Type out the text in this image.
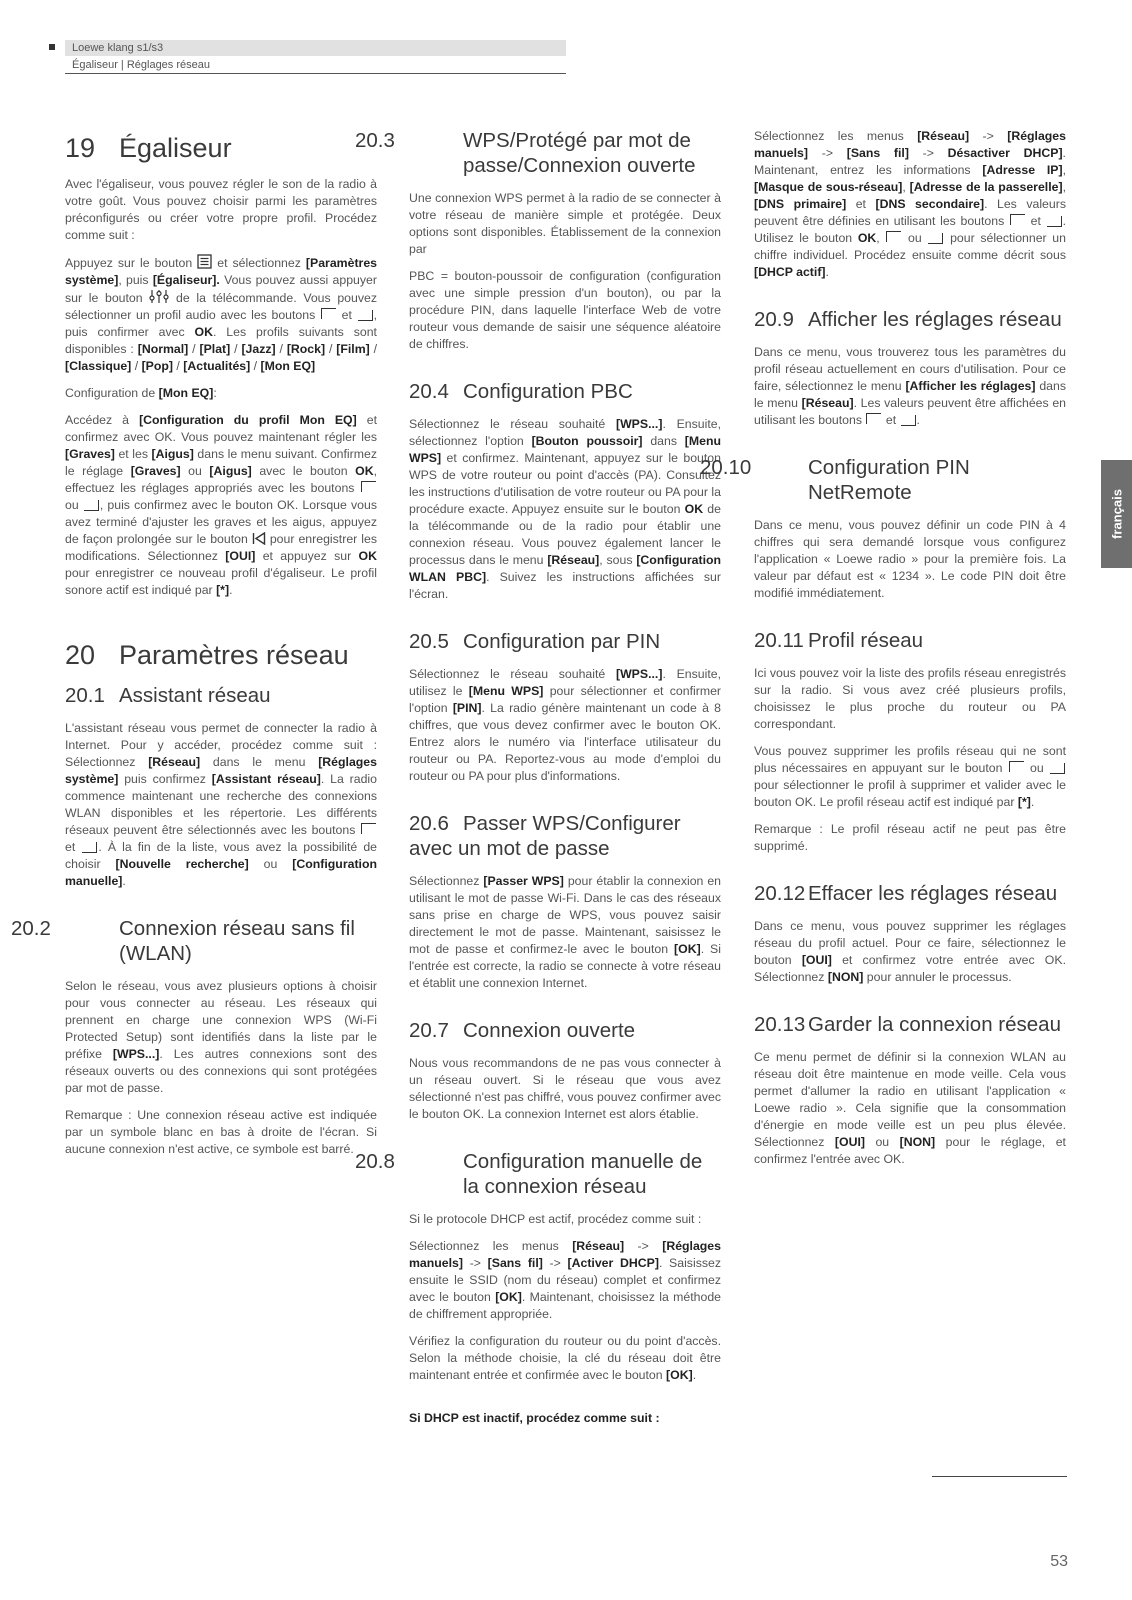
Loewe klang s1/s3
Égaliseur | Réglages réseau
19 Égaliseur

Avec l'égaliseur, vous pouvez régler le son de la radio à votre goût. Vous pouvez choisir parmi les paramètres préconfigurés ou créer votre propre profil. Procédez comme suit :

Appuyez sur le bouton et sélectionnez [Paramètres système], puis [Égaliseur]. Vous pouvez aussi appuyer sur le bouton	de la télécommande. Vous pouvez sélectionner un profil audio avec les boutons et , puis confirmer avec OK. Les profils suivants sont disponibles : [Normal] / [Plat] / [Jazz] / [Rock] / [Film] / [Classique] / [Pop] / [Actualités] / [Mon EQ]

Configuration de [Mon EQ]:

Accédez à [Configuration du profil Mon EQ] et confirmez avec OK. Vous pouvez maintenant régler les [Graves] et les [Aigus] dans le menu suivant. Confirmez le réglage [Graves] ou [Aigus] avec le bouton OK, effectuez les réglages appropriés avec les boutons  ou , puis confirmez avec le bouton OK. Lorsque vous avez terminé d'ajuster les graves et les aigus, appuyez de façon prolongée sur le bouton pour enregistrer les modifications. Sélectionnez [OUI] et appuyez sur OK pour enregistrer ce nouveau profil d'égaliseur. Le profil sonore actif est indiqué par [*].

20 Paramètres réseau
20.1 Assistant réseau

L'assistant réseau vous permet de connecter la radio à Internet. Pour y accéder, procédez comme suit : Sélectionnez [Réseau] dans le menu [Réglages système] puis confirmez [Assistant réseau]. La radio commence maintenant une recherche des connexions WLAN disponibles et les répertorie. Les différents réseaux peuvent être sélectionnés avec les boutons  et . À la fin de la liste, vous avez la possibilité de choisir [Nouvelle recherche] ou [Configuration manuelle].

20.2	Connexion réseau sans fil (WLAN)

Selon le réseau, vous avez plusieurs options à choisir pour vous connecter au réseau. Les réseaux qui prennent en charge une connexion WPS (Wi-Fi Protected Setup) sont identifiés dans la liste par le préfixe [WPS...]. Les autres connexions sont des réseaux ouverts ou des connexions qui sont protégées par mot de passe.

Remarque : Une connexion réseau active est indiquée par un symbole blanc en bas à droite de l'écran. Si aucune connexion n'est active, ce symbole est barré.

20.3	WPS/Protégé par mot de passe/Connexion ouverte

Une connexion WPS permet à la radio de se connecter à votre réseau de manière simple et protégée. Deux options sont disponibles. Établissement de la connexion par

PBC = bouton-poussoir de configuration (configuration avec une simple pression d'un bouton), ou par la procédure PIN, dans laquelle l'interface Web de votre routeur vous demande de saisir une séquence aléatoire de chiffres.

20.4 Configuration PBC

Sélectionnez le réseau souhaité [WPS...]. Ensuite, sélectionnez l'option [Bouton poussoir] dans [Menu WPS] et confirmez. Maintenant, appuyez sur le bouton WPS de votre routeur ou point d'accès (PA). Consultez les instructions d'utilisation de votre routeur ou PA pour la procédure exacte. Appuyez ensuite sur le bouton OK de la télécommande ou de la radio pour établir une connexion réseau. Vous pouvez également lancer le processus dans le menu [Réseau], sous [Configuration WLAN PBC]. Suivez les instructions affichées sur l'écran.

20.5 Configuration par PIN

Sélectionnez le réseau souhaité [WPS...]. Ensuite, utilisez le [Menu WPS] pour sélectionner et confirmer l'option [PIN]. La radio génère maintenant un code à 8 chiffres, que vous devez confirmer avec le bouton OK. Entrez alors le numéro via l'interface utilisateur du routeur ou PA. Reportez-vous au mode d'emploi du routeur ou PA pour plus d'informations.

20.6 Passer WPS/Configurer avec un mot de passe

Sélectionnez [Passer WPS] pour établir la connexion en utilisant le mot de passe Wi-Fi. Dans le cas des réseaux sans prise en charge de WPS, vous pouvez saisir directement le mot de passe. Maintenant, saisissez le mot de passe et confirmez-le avec le bouton [OK]. Si l'entrée est correcte, la radio se connecte à votre réseau et établit une connexion Internet.

20.7 Connexion ouverte

Nous vous recommandons de ne pas vous connecter à un réseau ouvert. Si le réseau que vous avez sélectionné n'est pas chiffré, vous pouvez confirmer avec le bouton OK. La connexion Internet est alors établie.

20.8	Configuration manuelle de la connexion réseau

Si le protocole DHCP est actif, procédez comme suit :

Sélectionnez les menus [Réseau] -> [Réglages manuels] -> [Sans fil] -> [Activer DHCP]. Saisissez ensuite le SSID (nom du réseau) complet et confirmez avec le bouton [OK]. Maintenant, choisissez la méthode de chiffrement appropriée.

Vérifiez la configuration du routeur ou du point d'accès. Selon la méthode choisie, la clé du réseau doit être maintenant entrée et confirmée avec le bouton [OK].

Si DHCP est inactif, procédez comme suit :

Sélectionnez les menus [Réseau] -> [Réglages manuels] -> [Sans fil] -> Désactiver DHCP]. Maintenant, entrez les informations [Adresse IP], [Masque de sous-réseau], [Adresse de la passerelle], [DNS primaire] et [DNS secondaire]. Les valeurs peuvent être définies en utilisant les boutons et . Utilisez le bouton OK, ou pour sélectionner un chiffre individuel. Procédez ensuite comme décrit sous [DHCP actif].

20.9 Afficher les réglages réseau

Dans ce menu, vous trouverez tous les paramètres du profil réseau actuellement en cours d'utilisation. Pour ce faire, sélectionnez le menu [Afficher les réglages] dans le menu [Réseau]. Les valeurs peuvent être affichées en utilisant les boutons et .

20.10	Configuration PIN NetRemote

Dans ce menu, vous pouvez définir un code PIN à 4 chiffres qui sera demandé lorsque vous configurez l'application « Loewe radio » pour la première fois. La valeur par défaut est « 1234 ». Le code PIN doit être modifié immédiatement.

20.11 Profil réseau

Ici vous pouvez voir la liste des profils réseau enregistrés sur la radio. Si vous avez créé plusieurs profils, choisissez le plus proche du routeur ou PA correspondant.

Vous pouvez supprimer les profils réseau qui ne sont plus nécessaires en appuyant sur le bouton ou  pour sélectionner le profil à supprimer et valider avec le bouton OK. Le profil réseau actif est indiqué par [*].

Remarque : Le profil réseau actif ne peut pas être supprimé.

20.12 Effacer les réglages réseau

Dans ce menu, vous pouvez supprimer les réglages réseau du profil actuel. Pour ce faire, sélectionnez le bouton [OUI] et confirmez votre entrée avec OK. Sélectionnez [NON] pour annuler le processus.

20.13 Garder la connexion réseau

Ce menu permet de définir si la connexion WLAN au réseau doit être maintenue en mode veille. Cela vous permet d'allumer la radio en utilisant l'application « Loewe radio ». Cela signifie que la consommation d'énergie en mode veille est un peu plus élevée. Sélectionnez [OUI] ou [NON] pour le réglage, et confirmez l'entrée avec OK.

français
53
